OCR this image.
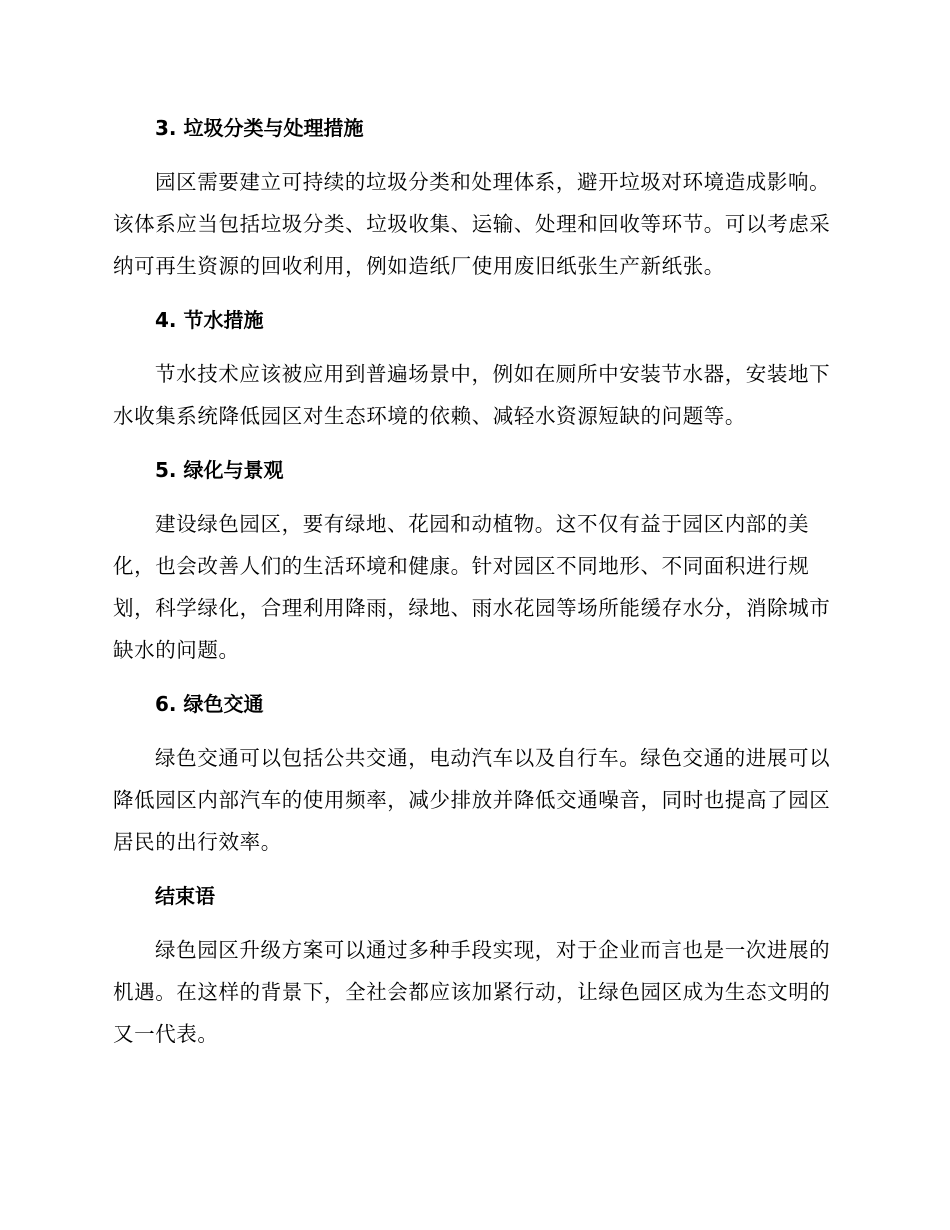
3. 垃圾分类与处理措施

园区需要建立可持续的垃圾分类和处理体系，避开垃圾对环境造成影响。该体系应当包括垃圾分类、垃圾收集、运输、处理和回收等环节。可以考虑采纳可再生资源的回收利用，例如造纸厂使用废旧纸张生产新纸张。

4. 节水措施

节水技术应该被应用到普遍场景中，例如在厕所中安装节水器，安装地下水收集系统降低园区对生态环境的依赖、减轻水资源短缺的问题等。

5. 绿化与景观

建设绿色园区，要有绿地、花园和动植物。这不仅有益于园区内部的美化，也会改善人们的生活环境和健康。针对园区不同地形、不同面积进行规划，科学绿化，合理利用降雨，绿地、雨水花园等场所能缓存水分，消除城市缺水的问题。

6. 绿色交通

绿色交通可以包括公共交通，电动汽车以及自行车。绿色交通的进展可以降低园区内部汽车的使用频率，减少排放并降低交通噪音，同时也提高了园区居民的出行效率。

结束语

绿色园区升级方案可以通过多种手段实现，对于企业而言也是一次进展的机遇。在这样的背景下，全社会都应该加紧行动，让绿色园区成为生态文明的又一代表。
